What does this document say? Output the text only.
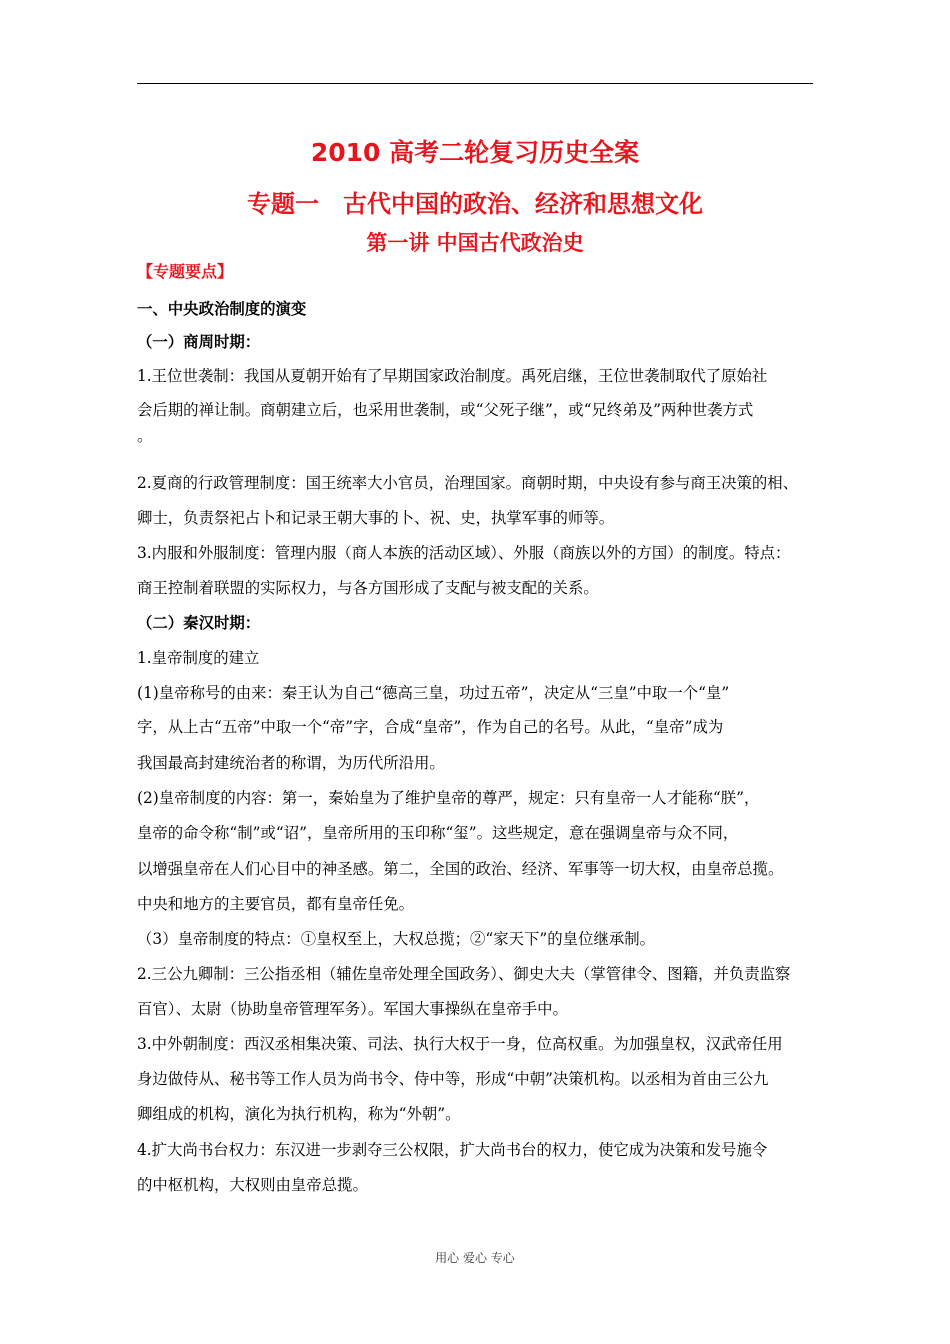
2010 高考二轮复习历史全案
专题一　古代中国的政治、经济和思想文化
第一讲 中国古代政治史
【专题要点】
一、中央政治制度的演变
（一）商周时期：
1.王位世袭制：我国从夏朝开始有了早期国家政治制度。禹死启继，王位世袭制取代了原始社
会后期的禅让制。商朝建立后，也采用世袭制，或“父死子继”，或“兄终弟及”两种世袭方式
。
2.夏商的行政管理制度：国王统率大小官员，治理国家。商朝时期，中央设有参与商王决策的相、
卿士，负责祭祀占卜和记录王朝大事的卜、祝、史，执掌军事的师等。
3.内服和外服制度：管理内服（商人本族的活动区域）、外服（商族以外的方国）的制度。特点：
商王控制着联盟的实际权力，与各方国形成了支配与被支配的关系。
（二）秦汉时期：
1.皇帝制度的建立
(1)皇帝称号的由来：秦王认为自己“德高三皇，功过五帝”，决定从“三皇”中取一个“皇”
字，从上古“五帝”中取一个“帝”字，合成“皇帝”，作为自己的名号。从此，“皇帝”成为
我国最高封建统治者的称谓，为历代所沿用。
(2)皇帝制度的内容：第一，秦始皇为了维护皇帝的尊严，规定：只有皇帝一人才能称“朕”，
皇帝的命令称“制”或“诏”，皇帝所用的玉印称“玺”。这些规定，意在强调皇帝与众不同，
以增强皇帝在人们心目中的神圣感。第二，全国的政治、经济、军事等一切大权，由皇帝总揽。
中央和地方的主要官员，都有皇帝任免。
（3）皇帝制度的特点：①皇权至上，大权总揽；②“家天下”的皇位继承制。
2.三公九卿制：三公指丞相（辅佐皇帝处理全国政务）、御史大夫（掌管律令、图籍，并负责监察
百官）、太尉（协助皇帝管理军务）。军国大事操纵在皇帝手中。
3.中外朝制度：西汉丞相集决策、司法、执行大权于一身，位高权重。为加强皇权，汉武帝任用
身边做侍从、秘书等工作人员为尚书令、侍中等，形成“中朝”决策机构。以丞相为首由三公九
卿组成的机构，演化为执行机构，称为“外朝”。
4.扩大尚书台权力：东汉进一步剥夺三公权限，扩大尚书台的权力，使它成为决策和发号施令
的中枢机构，大权则由皇帝总揽。
用心 爱心 专心
